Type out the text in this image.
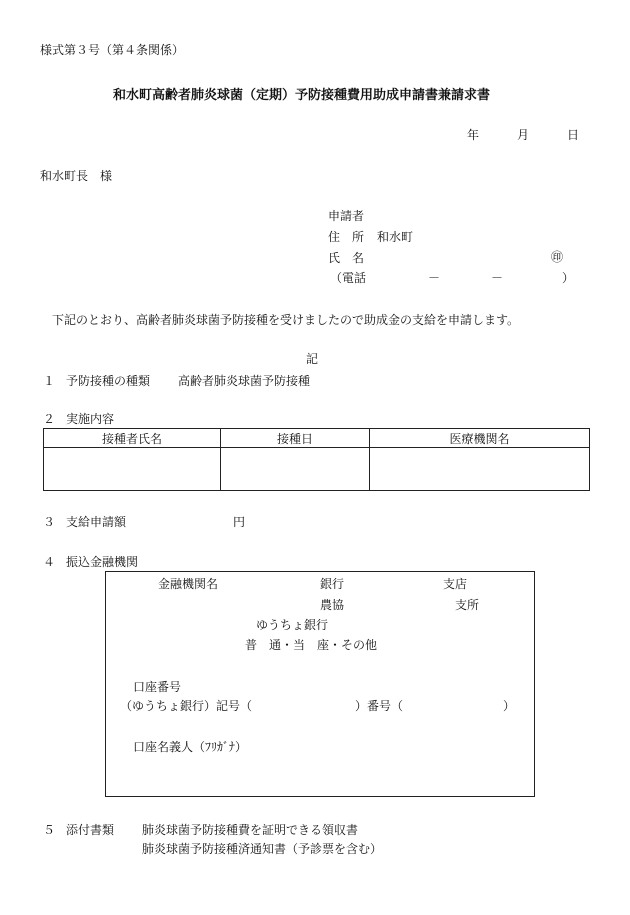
様式第３号（第４条関係）
和水町高齢者肺炎球菌（定期）予防接種費用助成申請書兼請求書
年	月	日
和水町長　様
申請者
住　所 和水町
氏　名	㊞
（電話	－	－	）
下記のとおり、高齢者肺炎球菌予防接種を受けましたので助成金の支給を申請します。
記
１ 予防接種の種類 高齢者肺炎球菌予防接種
２ 実施内容
接種者氏名	接種日	医療機関名

３ 支給申請額	円
４ 振込金融機関
金融機関名	銀行	支店
農協	支所
ゆうちょ銀行
普　通・当　座・その他
口座番号
（ゆうちょ銀行）記号（	）番号（	）
口座名義人（ﾌﾘｶﾞﾅ）
５ 添付書類 肺炎球菌予防接種費を証明できる領収書
肺炎球菌予防接種済通知書（予診票を含む）
